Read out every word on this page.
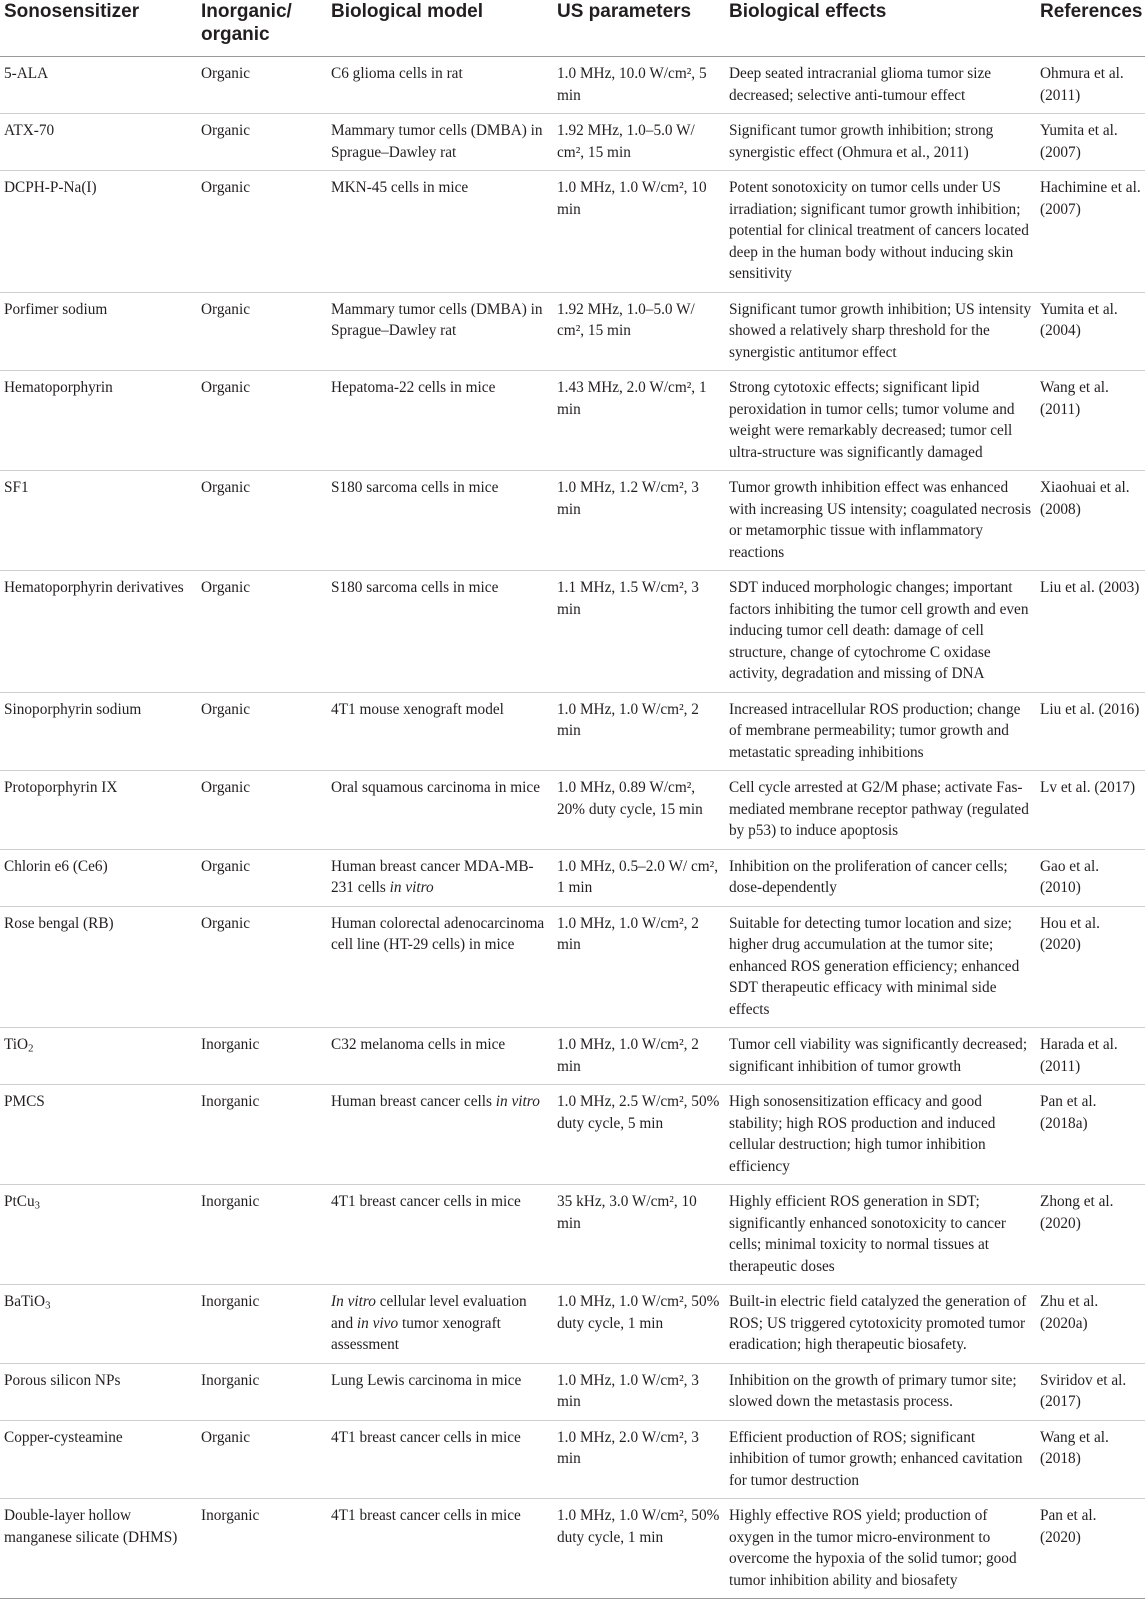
Sonosensitizer	Inorganic/ organic	Biological model	US parameters	Biological effects	References
5-ALA	Organic	C6 glioma cells in rat	1.0 MHz, 10.0 W/cm², 5 min	Deep seated intracranial glioma tumor size decreased; selective anti-tumour effect	Ohmura et al. (2011)
ATX-70	Organic	Mammary tumor cells (DMBA) in Sprague–Dawley rat	1.92 MHz, 1.0–5.0 W/ cm², 15 min	Significant tumor growth inhibition; strong synergistic effect (Ohmura et al., 2011)	Yumita et al. (2007)
DCPH-P-Na(I)	Organic	MKN-45 cells in mice	1.0 MHz, 1.0 W/cm², 10 min	Potent sonotoxicity on tumor cells under US irradiation; significant tumor growth inhibition; potential for clinical treatment of cancers located deep in the human body without inducing skin sensitivity	Hachimine et al. (2007)
Porfimer sodium	Organic	Mammary tumor cells (DMBA) in Sprague–Dawley rat	1.92 MHz, 1.0–5.0 W/ cm², 15 min	Significant tumor growth inhibition; US intensity showed a relatively sharp threshold for the synergistic antitumor effect	Yumita et al. (2004)
Hematoporphyrin	Organic	Hepatoma-22 cells in mice	1.43 MHz, 2.0 W/cm², 1 min	Strong cytotoxic effects; significant lipid peroxidation in tumor cells; tumor volume and weight were remarkably decreased; tumor cell ultra-structure was significantly damaged	Wang et al. (2011)
SF1	Organic	S180 sarcoma cells in mice	1.0 MHz, 1.2 W/cm², 3 min	Tumor growth inhibition effect was enhanced with increasing US intensity; coagulated necrosis or metamorphic tissue with inflammatory reactions	Xiaohuai et al. (2008)
Hematoporphyrin derivatives	Organic	S180 sarcoma cells in mice	1.1 MHz, 1.5 W/cm², 3 min	SDT induced morphologic changes; important factors inhibiting the tumor cell growth and even inducing tumor cell death: damage of cell structure, change of cytochrome C oxidase activity, degradation and missing of DNA	Liu et al. (2003)
Sinoporphyrin sodium	Organic	4T1 mouse xenograft model	1.0 MHz, 1.0 W/cm², 2 min	Increased intracellular ROS production; change of membrane permeability; tumor growth and metastatic spreading inhibitions	Liu et al. (2016)
Protoporphyrin IX	Organic	Oral squamous carcinoma in mice	1.0 MHz, 0.89 W/cm², 20% duty cycle, 15 min	Cell cycle arrested at G2/M phase; activate Fas-mediated membrane receptor pathway (regulated by p53) to induce apoptosis	Lv et al. (2017)
Chlorin e6 (Ce6)	Organic	Human breast cancer MDA-MB-231 cells in vitro	1.0 MHz, 0.5–2.0 W/ cm², 1 min	Inhibition on the proliferation of cancer cells; dose-dependently	Gao et al. (2010)
Rose bengal (RB)	Organic	Human colorectal adenocarcinoma cell line (HT-29 cells) in mice	1.0 MHz, 1.0 W/cm², 2 min	Suitable for detecting tumor location and size; higher drug accumulation at the tumor site; enhanced ROS generation efficiency; enhanced SDT therapeutic efficacy with minimal side effects	Hou et al. (2020)
TiO$_2$	Inorganic	C32 melanoma cells in mice	1.0 MHz, 1.0 W/cm², 2 min	Tumor cell viability was significantly decreased; significant inhibition of tumor growth	Harada et al. (2011)
PMCS	Inorganic	Human breast cancer cells in vitro	1.0 MHz, 2.5 W/cm², 50% duty cycle, 5 min	High sonosensitization efficacy and good stability; high ROS production and induced cellular destruction; high tumor inhibition efficiency	Pan et al. (2018a)
PtCu$_3$	Inorganic	4T1 breast cancer cells in mice	35 kHz, 3.0 W/cm², 10 min	Highly efficient ROS generation in SDT; significantly enhanced sonotoxicity to cancer cells; minimal toxicity to normal tissues at therapeutic doses	Zhong et al. (2020)
BaTiO$_3$	Inorganic	In vitro cellular level evaluation and in vivo tumor xenograft assessment	1.0 MHz, 1.0 W/cm², 50% duty cycle, 1 min	Built-in electric field catalyzed the generation of ROS; US triggered cytotoxicity promoted tumor eradication; high therapeutic biosafety.	Zhu et al. (2020a)
Porous silicon NPs	Inorganic	Lung Lewis carcinoma in mice	1.0 MHz, 1.0 W/cm², 3 min	Inhibition on the growth of primary tumor site; slowed down the metastasis process.	Sviridov et al. (2017)
Copper-cysteamine	Organic	4T1 breast cancer cells in mice	1.0 MHz, 2.0 W/cm², 3 min	Efficient production of ROS; significant inhibition of tumor growth; enhanced cavitation for tumor destruction	Wang et al. (2018)
Double-layer hollow manganese silicate (DHMS)	Inorganic	4T1 breast cancer cells in mice	1.0 MHz, 1.0 W/cm², 50% duty cycle, 1 min	Highly effective ROS yield; production of oxygen in the tumor micro-environment to overcome the hypoxia of the solid tumor; good tumor inhibition ability and biosafety	Pan et al. (2020)
